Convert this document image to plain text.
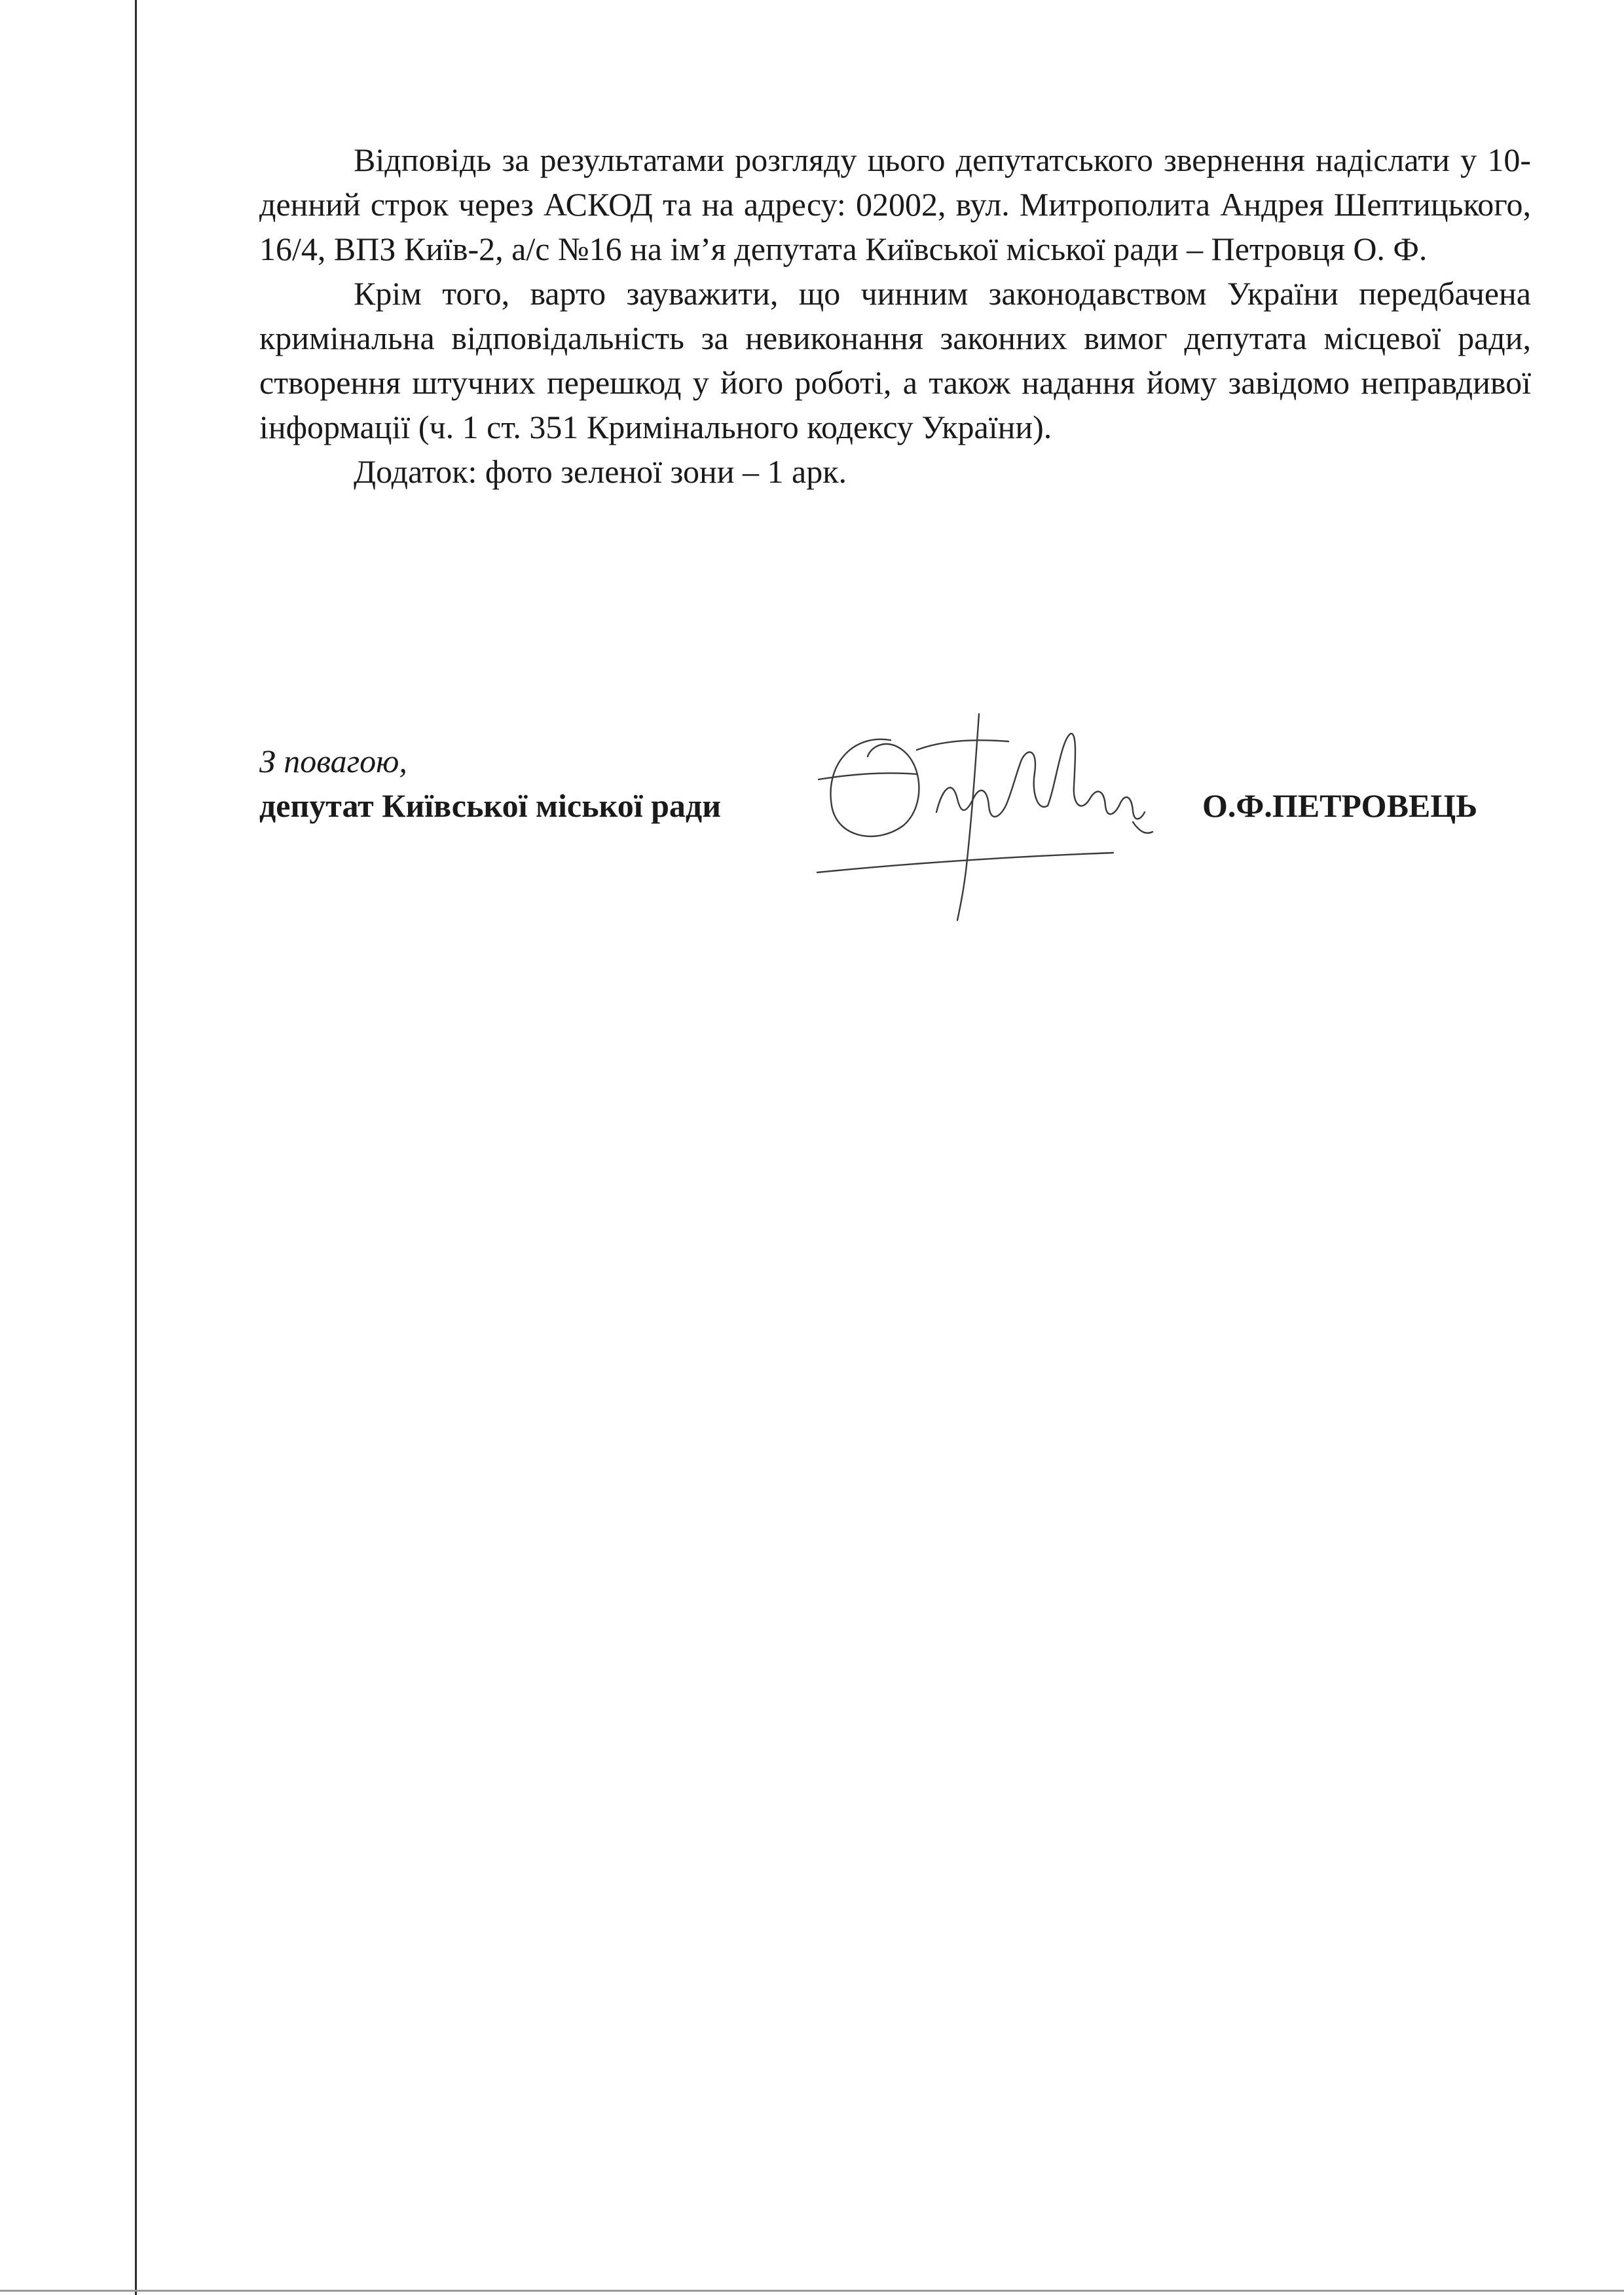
Відповідь за результатами розгляду цього депутатського звернення надіслати у 10-денний строк через АСКОД та на адресу: 02002, вул. Митрополита Андрея Шептицького, 16/4, ВПЗ Київ-2, а/с №16 на ім’я депутата Київської міської ради – Петровця О. Ф.

Крім того, варто зауважити, що чинним законодавством України передбачена кримінальна відповідальність за невиконання законних вимог депутата місцевої ради, створення штучних перешкод у його роботі, а також надання йому завідомо неправдивої інформації (ч. 1 ст. 351 Кримінального кодексу України).

Додаток: фото зеленої зони – 1 арк.

З повагою,
депутат Київської міської ради
ОПетровець
О.Ф.ПЕТРОВЕЦЬ
